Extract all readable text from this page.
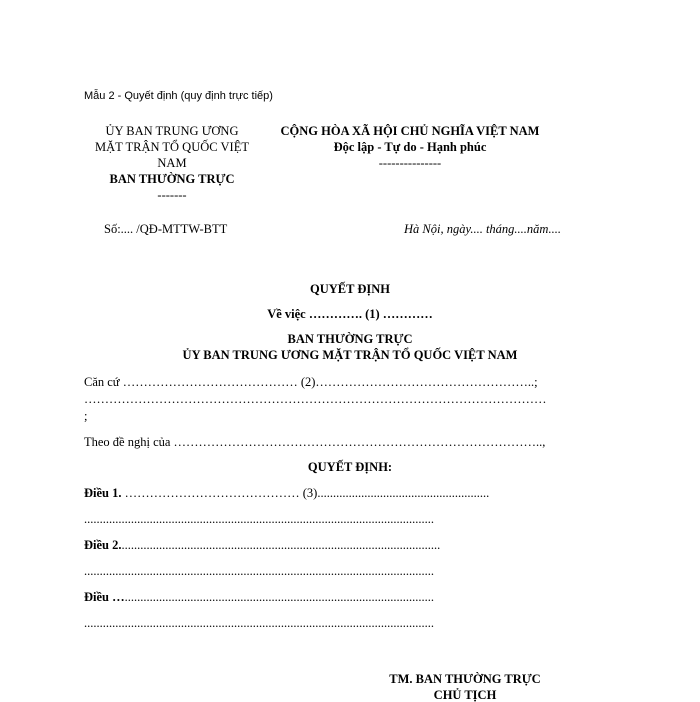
Mẫu 2 - Quyết định (quy định trực tiếp)
ỦY BAN TRUNG ƯƠNG
MẶT TRẬN TỔ QUỐC VIỆT
NAM
BAN THƯỜNG TRỰC
-------
CỘNG HÒA XÃ HỘI CHỦ NGHĨA VIỆT NAM
Độc lập - Tự do - Hạnh phúc
---------------
Số:.... /QĐ-MTTW-BTT	Hà Nội, ngày.... tháng....năm....
QUYẾT ĐỊNH
Về việc …………. (1) …………
BAN THƯỜNG TRỰC
ỦY BAN TRUNG ƯƠNG MẶT TRẬN TỔ QUỐC VIỆT NAM
Căn cứ …………………………………… (2)……………………………………………..;
…………………………………………………………………………………………………
;
Theo đề nghị của ……………………………………………………………………………..,
QUYẾT ĐỊNH:
Điều 1. …………………………………… (3).......................................................
................................................................................................................
Điều 2.......................................................................................................
................................................................................................................
Điều …...................................................................................................
................................................................................................................
TM. BAN THƯỜNG TRỰC
CHỦ TỊCH
